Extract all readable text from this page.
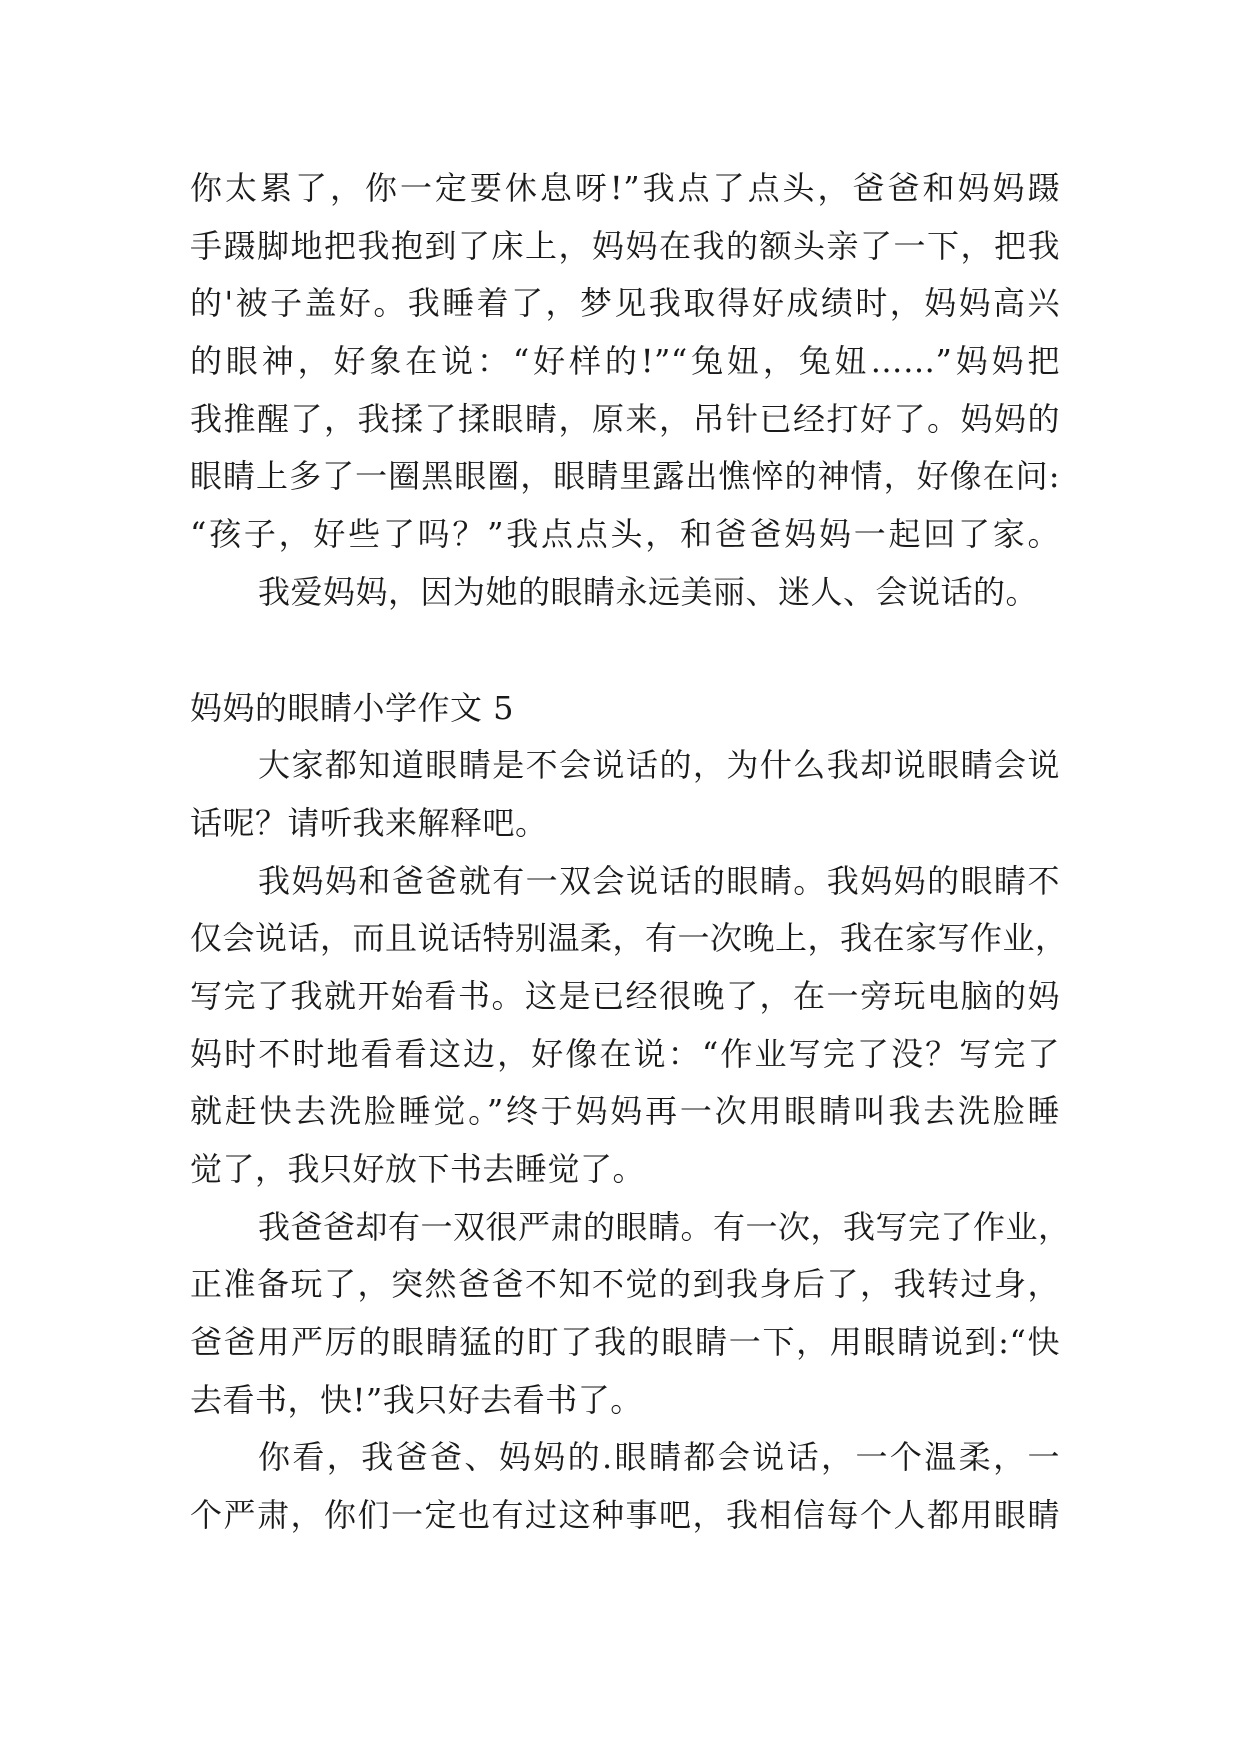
你太累了，你一定要休息呀!”我点了点头，爸爸和妈妈蹑
手蹑脚地把我抱到了床上，妈妈在我的额头亲了一下，把我
的'被子盖好。我睡着了，梦见我取得好成绩时，妈妈高兴
的眼神，好象在说：“好样的!”“兔妞，兔妞……”妈妈把
我推醒了，我揉了揉眼睛，原来，吊针已经打好了。妈妈的
眼睛上多了一圈黑眼圈，眼睛里露出憔悴的神情，好像在问:
“孩子，好些了吗？”我点点头，和爸爸妈妈一起回了家。
我爱妈妈，因为她的眼睛永远美丽、迷人、会说话的。
妈妈的眼睛小学作文 5
大家都知道眼睛是不会说话的，为什么我却说眼睛会说
话呢？请听我来解释吧。
我妈妈和爸爸就有一双会说话的眼睛。我妈妈的眼睛不
仅会说话，而且说话特别温柔，有一次晚上，我在家写作业，
写完了我就开始看书。这是已经很晚了，在一旁玩电脑的妈
妈时不时地看看这边，好像在说：“作业写完了没？写完了
就赶快去洗脸睡觉。”终于妈妈再一次用眼睛叫我去洗脸睡
觉了，我只好放下书去睡觉了。
我爸爸却有一双很严肃的眼睛。有一次，我写完了作业，
正准备玩了，突然爸爸不知不觉的到我身后了，我转过身，
爸爸用严厉的眼睛猛的盯了我的眼睛一下，用眼睛说到:“快
去看书，快!”我只好去看书了。
你看，我爸爸、妈妈的.眼睛都会说话，一个温柔，一
个严肃，你们一定也有过这种事吧，我相信每个人都用眼睛
